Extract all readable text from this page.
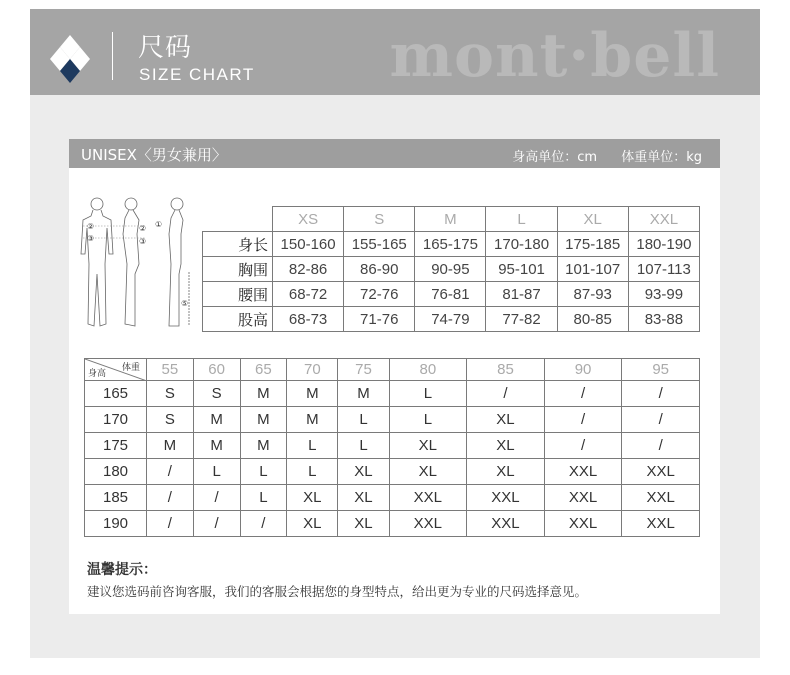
尺码
SIZE CHART mont·bell
UNISEX〈男女兼用〉	身高单位：cm 体重单位：kg
①
②
③
②
③
⑤
	XS	S	M	L	XL	XXL
身长	150-160	155-165	165-175	170-180	175-185	180-190
胸围	82-86	86-90	90-95	95-101	101-107	107-113
腰围	68-72	72-76	76-81	81-87	87-93	93-99
股高	68-73	71-76	74-79	77-82	80-85	83-88
体重
身高	55	60	65	70	75	80	85	90	95
165	S	S	M	M	M	L	/	/	/
170	S	M	M	M	L	L	XL	/	/
175	M	M	M	L	L	XL	XL	/	/
180	/	L	L	L	XL	XL	XL	XXL	XXL
185	/	/	L	XL	XL	XXL	XXL	XXL	XXL
190	/	/	/	XL	XL	XXL	XXL	XXL	XXL
温馨提示：
建议您选码前咨询客服，我们的客服会根据您的身型特点，给出更为专业的尺码选择意见。
